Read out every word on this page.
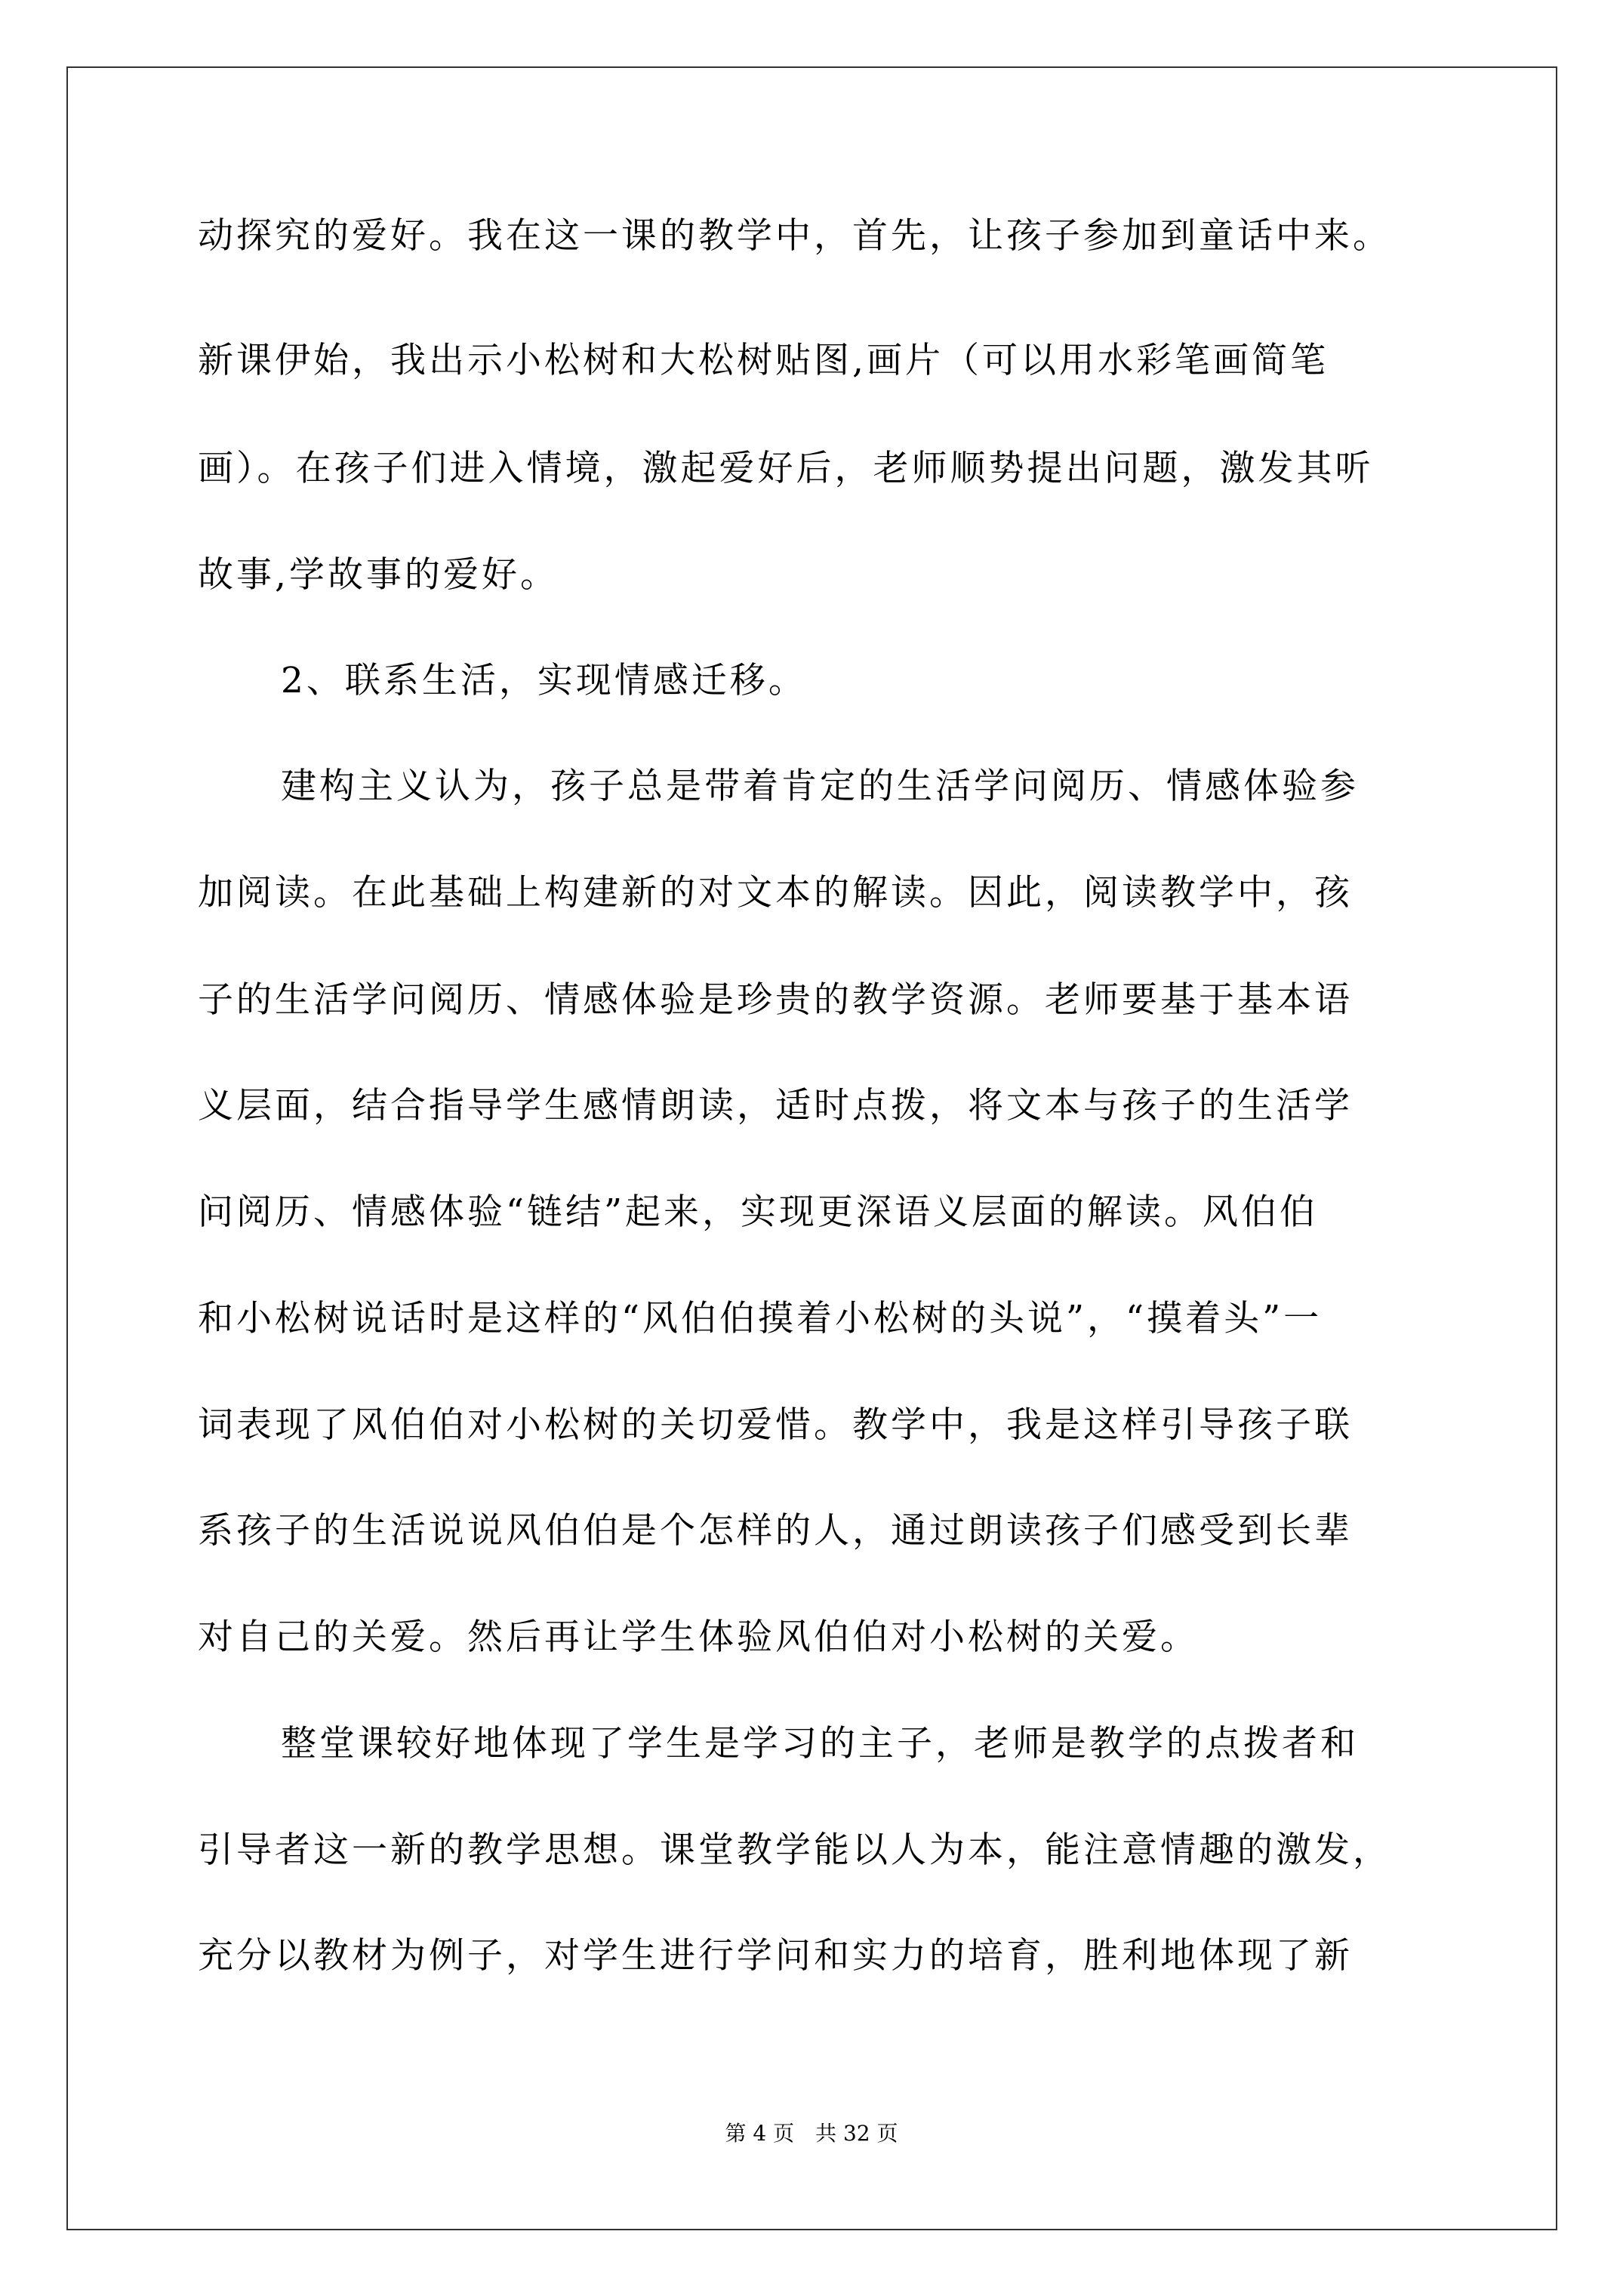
动探究的爱好。我在这一课的教学中，首先，让孩子参加到童话中来。
新课伊始，我出示小松树和大松树贴图,画片（可以用水彩笔画简笔
画）。在孩子们进入情境，激起爱好后，老师顺势提出问题，激发其听
故事,学故事的爱好。
2、联系生活，实现情感迁移。
建构主义认为，孩子总是带着肯定的生活学问阅历、情感体验参
加阅读。在此基础上构建新的对文本的解读。因此，阅读教学中，孩
子的生活学问阅历、情感体验是珍贵的教学资源。老师要基于基本语
义层面，结合指导学生感情朗读，适时点拨，将文本与孩子的生活学
问阅历、情感体验“链结”起来，实现更深语义层面的解读。风伯伯
和小松树说话时是这样的“风伯伯摸着小松树的头说”，“摸着头”一
词表现了风伯伯对小松树的关切爱惜。教学中，我是这样引导孩子联
系孩子的生活说说风伯伯是个怎样的人，通过朗读孩子们感受到长辈
对自己的关爱。然后再让学生体验风伯伯对小松树的关爱。
整堂课较好地体现了学生是学习的主子，老师是教学的点拨者和
引导者这一新的教学思想。课堂教学能以人为本，能注意情趣的激发，
充分以教材为例子，对学生进行学问和实力的培育，胜利地体现了新
第 4 页　共 32 页
